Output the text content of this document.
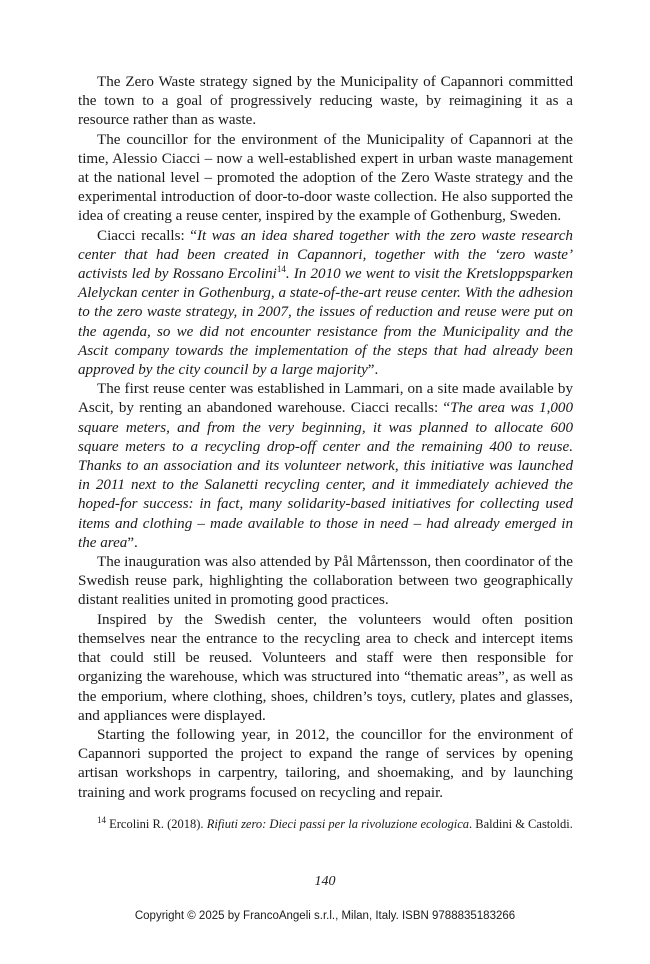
The Zero Waste strategy signed by the Municipality of Capannori committed the town to a goal of progressively reducing waste, by reimagining it as a resource rather than as waste.

The councillor for the environment of the Municipality of Capannori at the time, Alessio Ciacci – now a well-established expert in urban waste management at the national level – promoted the adoption of the Zero Waste strategy and the experimental introduction of door-to-door waste collection. He also supported the idea of creating a reuse center, inspired by the example of Gothenburg, Sweden.

Ciacci recalls: “It was an idea shared together with the zero waste research center that had been created in Capannori, together with the ‘zero waste’ activists led by Rossano Ercolini$^{14}$. In 2010 we went to visit the Kretsloppsparken Alelyckan center in Gothenburg, a state-of-the-art reuse center. With the adhesion to the zero waste strategy, in 2007, the issues of reduction and reuse were put on the agenda, so we did not encounter resistance from the Municipality and the Ascit company towards the implementation of the steps that had already been approved by the city council by a large majority”.

The first reuse center was established in Lammari, on a site made available by Ascit, by renting an abandoned warehouse. Ciacci recalls: “The area was 1,000 square meters, and from the very beginning, it was planned to allocate 600 square meters to a recycling drop-off center and the remaining 400 to reuse. Thanks to an association and its volunteer network, this initiative was launched in 2011 next to the Salanetti recycling center, and it immediately achieved the hoped-for success: in fact, many solidarity-based initiatives for collecting used items and clothing – made available to those in need – had already emerged in the area”.

The inauguration was also attended by Pål Mårtensson, then coordinator of the Swedish reuse park, highlighting the collaboration between two geographically distant realities united in promoting good practices.

Inspired by the Swedish center, the volunteers would often position themselves near the entrance to the recycling area to check and intercept items that could still be reused. Volunteers and staff were then responsible for organizing the warehouse, which was structured into “thematic areas”, as well as the emporium, where clothing, shoes, children’s toys, cutlery, plates and glasses, and appliances were displayed.

Starting the following year, in 2012, the councillor for the environment of Capannori supported the project to expand the range of services by opening artisan workshops in carpentry, tailoring, and shoemaking, and by launching training and work programs focused on recycling and repair.

$^{14}$ Ercolini R. (2018). Rifiuti zero: Dieci passi per la rivoluzione ecologica. Baldini & Castoldi.

140
Copyright © 2025 by FrancoAngeli s.r.l., Milan, Italy. ISBN 9788835183266
